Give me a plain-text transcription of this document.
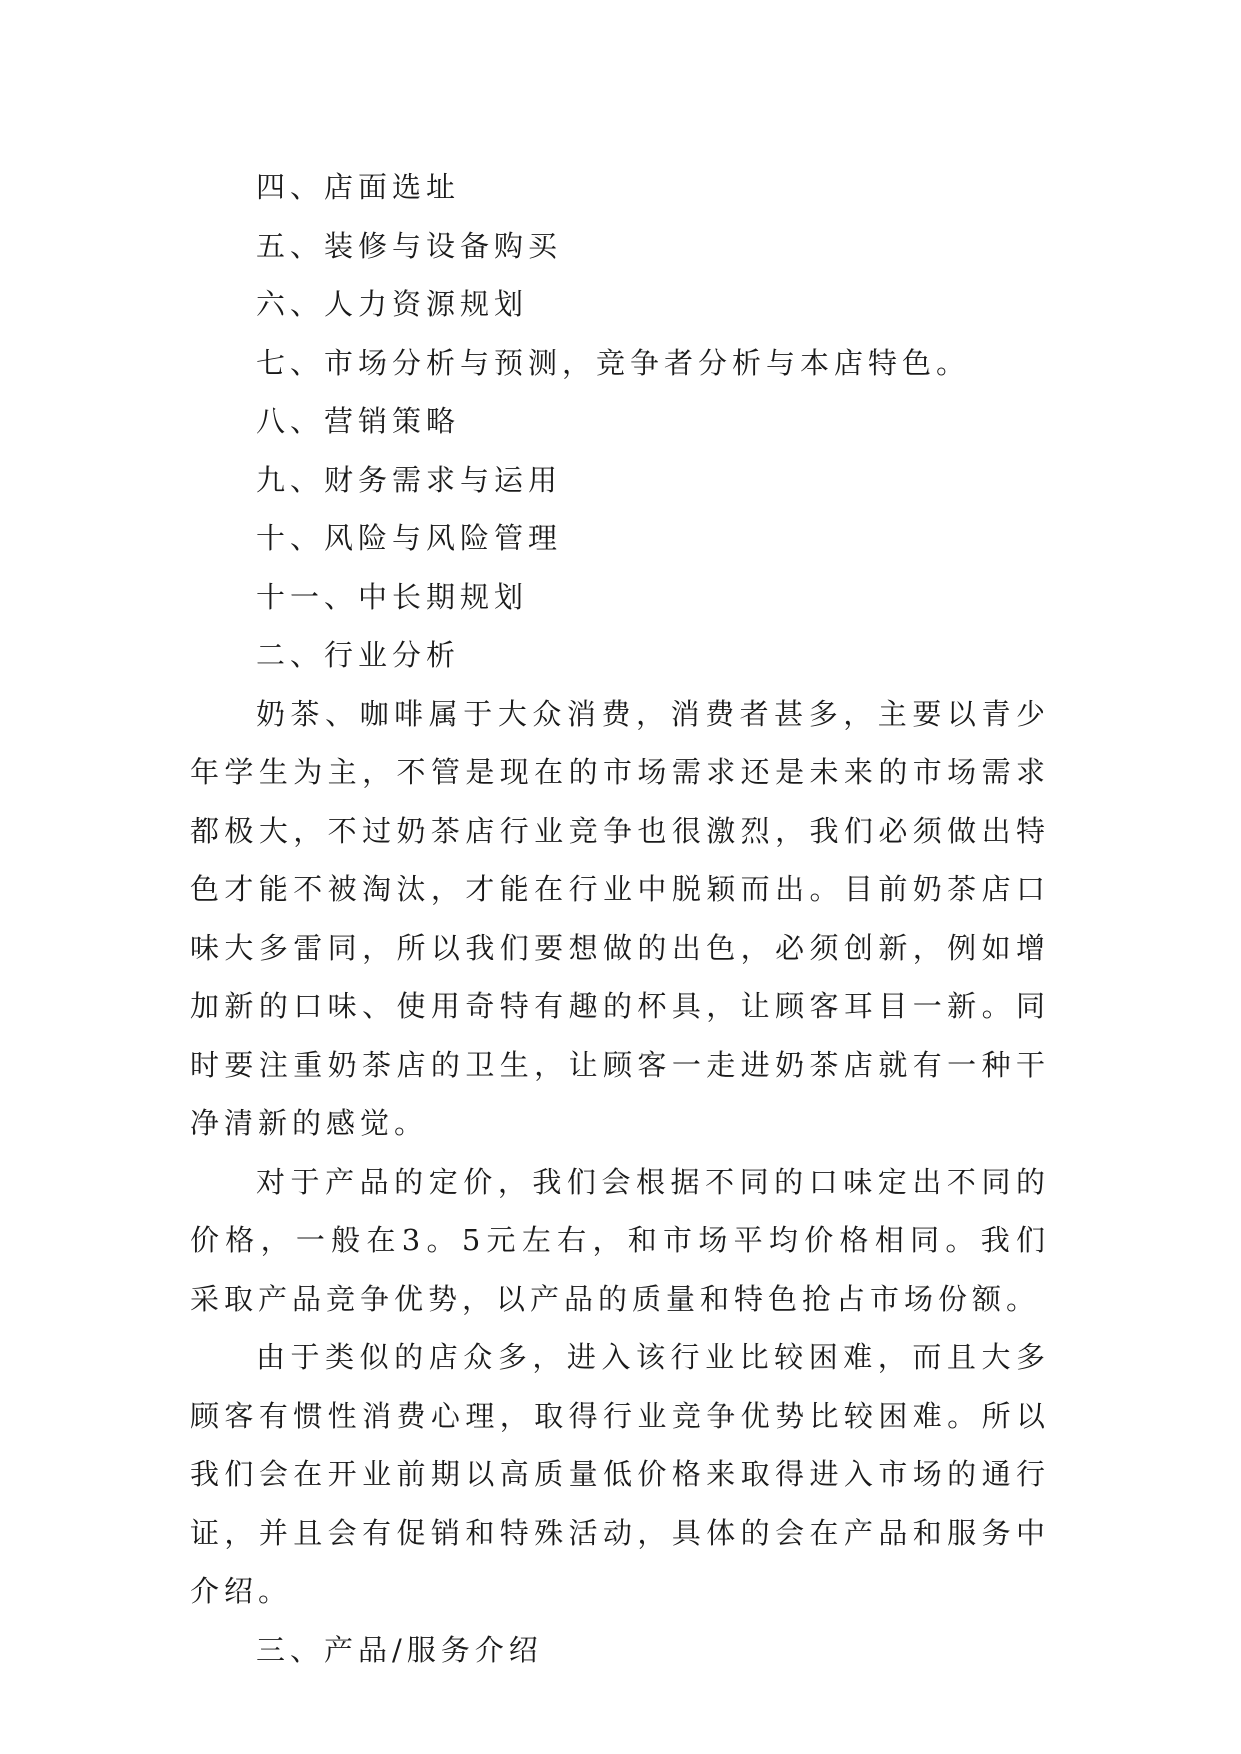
四、店面选址

五、装修与设备购买

六、人力资源规划

七、市场分析与预测，竞争者分析与本店特色。

八、营销策略

九、财务需求与运用

十、风险与风险管理

十一、中长期规划

二、行业分析

奶茶、咖啡属于大众消费，消费者甚多，主要以青少年学生为主，不管是现在的市场需求还是未来的市场需求都极大，不过奶茶店行业竞争也很激烈，我们必须做出特色才能不被淘汰，才能在行业中脱颖而出。目前奶茶店口味大多雷同，所以我们要想做的出色，必须创新，例如增加新的口味、使用奇特有趣的杯具，让顾客耳目一新。同时要注重奶茶店的卫生，让顾客一走进奶茶店就有一种干净清新的感觉。

对于产品的定价，我们会根据不同的口味定出不同的价格，一般在3。5元左右，和市场平均价格相同。我们采取产品竞争优势，以产品的质量和特色抢占市场份额。

由于类似的店众多，进入该行业比较困难，而且大多顾客有惯性消费心理，取得行业竞争优势比较困难。所以我们会在开业前期以高质量低价格来取得进入市场的通行证，并且会有促销和特殊活动，具体的会在产品和服务中介绍。

三、产品/服务介绍
